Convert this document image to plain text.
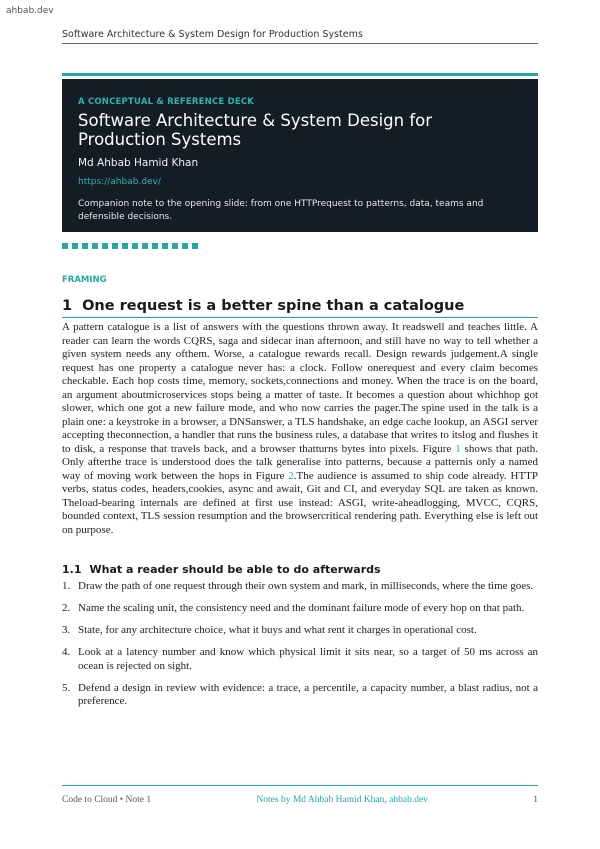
ahbab.dev
Software Architecture & System Design for Production Systems
A CONCEPTUAL & REFERENCE DECK
Software Architecture & System Design for Production Systems
Md Ahbab Hamid Khan
https://ahbab.dev/
Companion note to the opening slide: from one HTTPrequest to patterns, data, teams and defensible decisions.
FRAMING
1 One request is a better spine than a catalogue

A pattern catalogue is a list of answers with the questions thrown away. It readswell and teaches little. A reader can learn the words CQRS, saga and sidecar inan afternoon, and still have no way to tell whether a given system needs any ofthem. Worse, a catalogue rewards recall. Design rewards judgement.A single request has one property a catalogue never has: a clock. Follow onerequest and every claim becomes checkable. Each hop costs time, memory, sockets,connections and money. When the trace is on the board, an argument aboutmicroservices stops being a matter of taste. It becomes a question about whichhop got slower, which one got a new failure mode, and who now carries the pager.The spine used in the talk is a plain one: a keystroke in a browser, a DNSanswer, a TLS handshake, an edge cache lookup, an ASGI server accepting theconnection, a handler that runs the business rules, a database that writes to itslog and flushes it to disk, a response that travels back, and a browser thatturns bytes into pixels. Figure 1 shows that path. Only afterthe trace is understood does the talk generalise into patterns, because a patternis only a named way of moving work between the hops in Figure 2.The audience is assumed to ship code already. HTTP verbs, status codes, headers,cookies, async and await, Git and CI, and everyday SQL are taken as known. Theload-bearing internals are defined at first use instead: ASGI, write-aheadlogging, MVCC, CQRS, bounded context, TLS session resumption and the browsercritical rendering path. Everything else is left out on purpose.

1.1 What a reader should be able to do afterwards
1. Draw the path of one request through their own system and mark, in milliseconds, where the time goes.
2. Name the scaling unit, the consistency need and the dominant failure mode of every hop on that path.
3. State, for any architecture choice, what it buys and what rent it charges in operational cost.
4. Look at a latency number and know which physical limit it sits near, so a target of 50 ms across an ocean is rejected on sight.
5. Defend a design in review with evidence: a trace, a percentile, a capacity number, a blast radius, not a preference.
Code to Cloud • Note 1	Notes by Md Ahbab Hamid Khan, ahbab.dev	1
